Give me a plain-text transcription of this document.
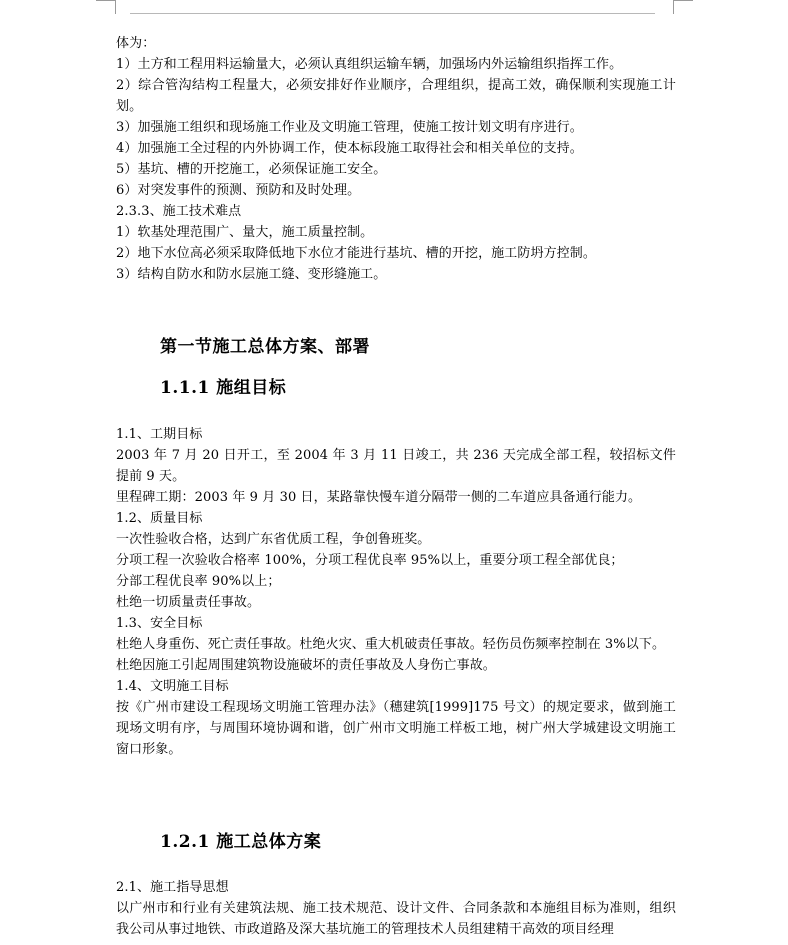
体为：

1）土方和工程用料运输量大，必须认真组织运输车辆，加强场内外运输组织指挥工作。

2）综合管沟结构工程量大，必须安排好作业顺序，合理组织，提高工效，确保顺利实现施工计划。

3）加强施工组织和现场施工作业及文明施工管理，使施工按计划文明有序进行。

4）加强施工全过程的内外协调工作，使本标段施工取得社会和相关单位的支持。

5）基坑、槽的开挖施工，必须保证施工安全。

6）对突发事件的预测、预防和及时处理。

2.3.3、施工技术难点

1）软基处理范围广、量大，施工质量控制。

2）地下水位高必须采取降低地下水位才能进行基坑、槽的开挖，施工防坍方控制。

3）结构自防水和防水层施工缝、变形缝施工。

第一节施工总体方案、部署
1.1.1 施组目标

1.1、工期目标

2003 年 7 月 20 日开工，至 2004 年 3 月 11 日竣工，共 236 天完成全部工程，较招标文件提前 9 天。

里程碑工期：2003 年 9 月 30 日，某路靠快慢车道分隔带一侧的二车道应具备通行能力。

1.2、质量目标

一次性验收合格，达到广东省优质工程，争创鲁班奖。

分项工程一次验收合格率 100%，分项工程优良率 95%以上，重要分项工程全部优良；

分部工程优良率 90%以上；

杜绝一切质量责任事故。

1.3、安全目标

杜绝人身重伤、死亡责任事故。杜绝火灾、重大机破责任事故。轻伤员伤频率控制在 3%以下。

杜绝因施工引起周围建筑物设施破坏的责任事故及人身伤亡事故。

1.4、文明施工目标

按《广州市建设工程现场文明施工管理办法》（穗建筑[1999]175 号文）的规定要求，做到施工现场文明有序，与周围环境协调和谐，创广州市文明施工样板工地，树广州大学城建设文明施工窗口形象。

1.2.1 施工总体方案

2.1、施工指导思想

以广州市和行业有关建筑法规、施工技术规范、设计文件、合同条款和本施组目标为准则，组织我公司从事过地铁、市政道路及深大基坑施工的管理技术人员组建精干高效的项目经理
